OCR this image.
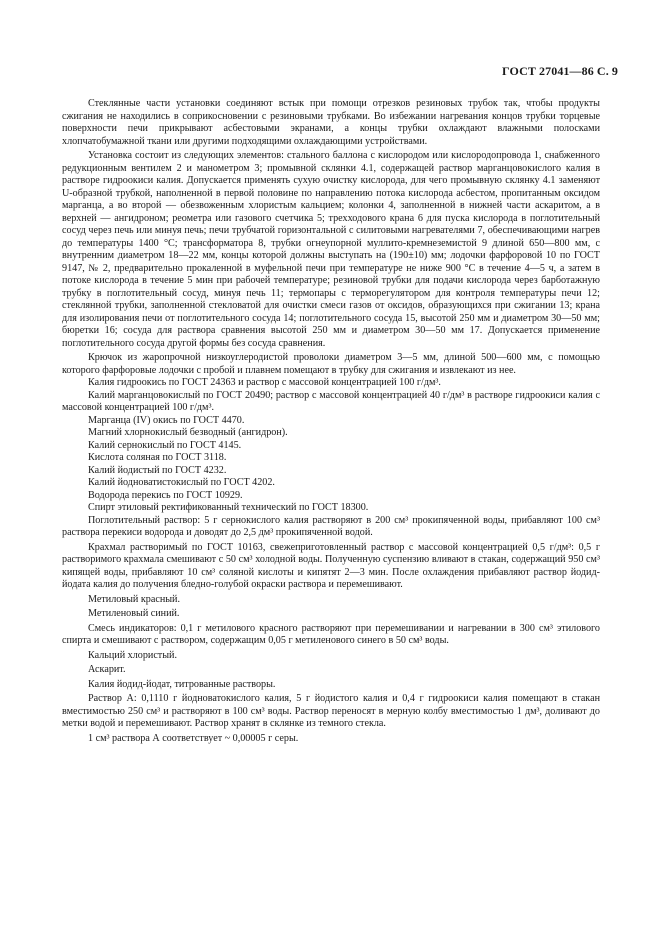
ГОСТ 27041—86 С. 9

Стеклянные части установки соединяют встык при помощи отрезков резиновых трубок так, чтобы продукты сжигания не находились в соприкосновении с резиновыми трубками. Во избежании нагревания концов трубки торцевые поверхности печи прикрывают асбестовыми экранами, а концы трубки охлаждают влажными полосками хлопчатобумажной ткани или другими подходящими охлаждающими устройствами.

Установка состоит из следующих элементов: стального баллона с кислородом или кислородопровода 1, снабженного редукционным вентилем 2 и манометром 3; промывной склянки 4.1, содержащей раствор марганцовокислого калия в растворе гидроокиси калия. Допускается применять сухую очистку кислорода, для чего промывную склянку 4.1 заменяют U-образной трубкой, наполненной в первой половине по направлению потока кислорода асбестом, пропитанным оксидом марганца, а во второй — обезвоженным хлористым кальцием; колонки 4, заполненной в нижней части аскаритом, а в верхней — ангидроном; реометра или газового счетчика 5; трехходового крана 6 для пуска кислорода в поглотительный сосуд через печь или минуя печь; печи трубчатой горизонтальной с силитовыми нагревателями 7, обеспечивающими нагрев до температуры 1400 °С; трансформатора 8, трубки огнеупорной муллито-кремнеземистой 9 длиной 650—800 мм, с внутренним диаметром 18—22 мм, концы которой должны выступать на (190±10) мм; лодочки фарфоровой 10 по ГОСТ 9147, № 2, предварительно прокаленной в муфельной печи при температуре не ниже 900 °С в течение 4—5 ч, а затем в потоке кислорода в течение 5 мин при рабочей температуре; резиновой трубки для подачи кислорода через барботажную трубку в поглотительный сосуд, минуя печь 11; термопары с терморегулятором для контроля температуры печи 12; стеклянной трубки, заполненной стекловатой для очистки смеси газов от оксидов, образующихся при сжигании 13; крана для изолирования печи от поглотительного сосуда 14; поглотительного сосуда 15, высотой 250 мм и диаметром 30—50 мм; бюретки 16; сосуда для раствора сравнения высотой 250 мм и диаметром 30—50 мм 17. Допускается применение поглотительного сосуда другой формы без сосуда сравнения.

Крючок из жаропрочной низкоуглеродистой проволоки диаметром 3—5 мм, длиной 500—600 мм, с помощью которого фарфоровые лодочки с пробой и плавнем помещают в трубку для сжигания и извлекают из нее.

Калия гидроокись по ГОСТ 24363 и раствор с массовой концентрацией 100 г/дм³.

Калий марганцовокислый по ГОСТ 20490; раствор с массовой концентрацией 40 г/дм³ в растворе гидроокиси калия с массовой концентрацией 100 г/дм³.

Марганца (IV) окись по ГОСТ 4470.

Магний хлорнокислый безводный (ангидрон).

Калий сернокислый по ГОСТ 4145.

Кислота соляная по ГОСТ 3118.

Калий йодистый по ГОСТ 4232.

Калий йодноватистокислый по ГОСТ 4202.

Водорода перекись по ГОСТ 10929.

Спирт этиловый ректификованный технический по ГОСТ 18300.

Поглотительный раствор: 5 г сернокислого калия растворяют в 200 см³ прокипяченной воды, прибавляют 100 см³ раствора перекиси водорода и доводят до 2,5 дм³ прокипяченной водой.

Крахмал растворимый по ГОСТ 10163, свежеприготовленный раствор с массовой концентрацией 0,5 г/дм³: 0,5 г растворимого крахмала смешивают с 50 см³ холодной воды. Полученную суспензию вливают в стакан, содержащий 950 см³ кипящей воды, прибавляют 10 см³ соляной кислоты и кипятят 2—3 мин. После охлаждения прибавляют раствор йодид-йодата калия до получения бледно-голубой окраски раствора и перемешивают.

Метиловый красный.

Метиленовый синий.

Смесь индикаторов: 0,1 г метилового красного растворяют при перемешивании и нагревании в 300 см³ этилового спирта и смешивают с раствором, содержащим 0,05 г метиленового синего в 50 см³ воды.

Кальций хлористый.

Аскарит.

Калия йодид-йодат, титрованные растворы.

Раствор А: 0,1110 г йодноватокислого калия, 5 г йодистого калия и 0,4 г гидроокиси калия помещают в стакан вместимостью 250 см³ и растворяют в 100 см³ воды. Раствор переносят в мерную колбу вместимостью 1 дм³, доливают до метки водой и перемешивают. Раствор хранят в склянке из темного стекла.

1 см³ раствора А соответствует ~ 0,00005 г серы.
